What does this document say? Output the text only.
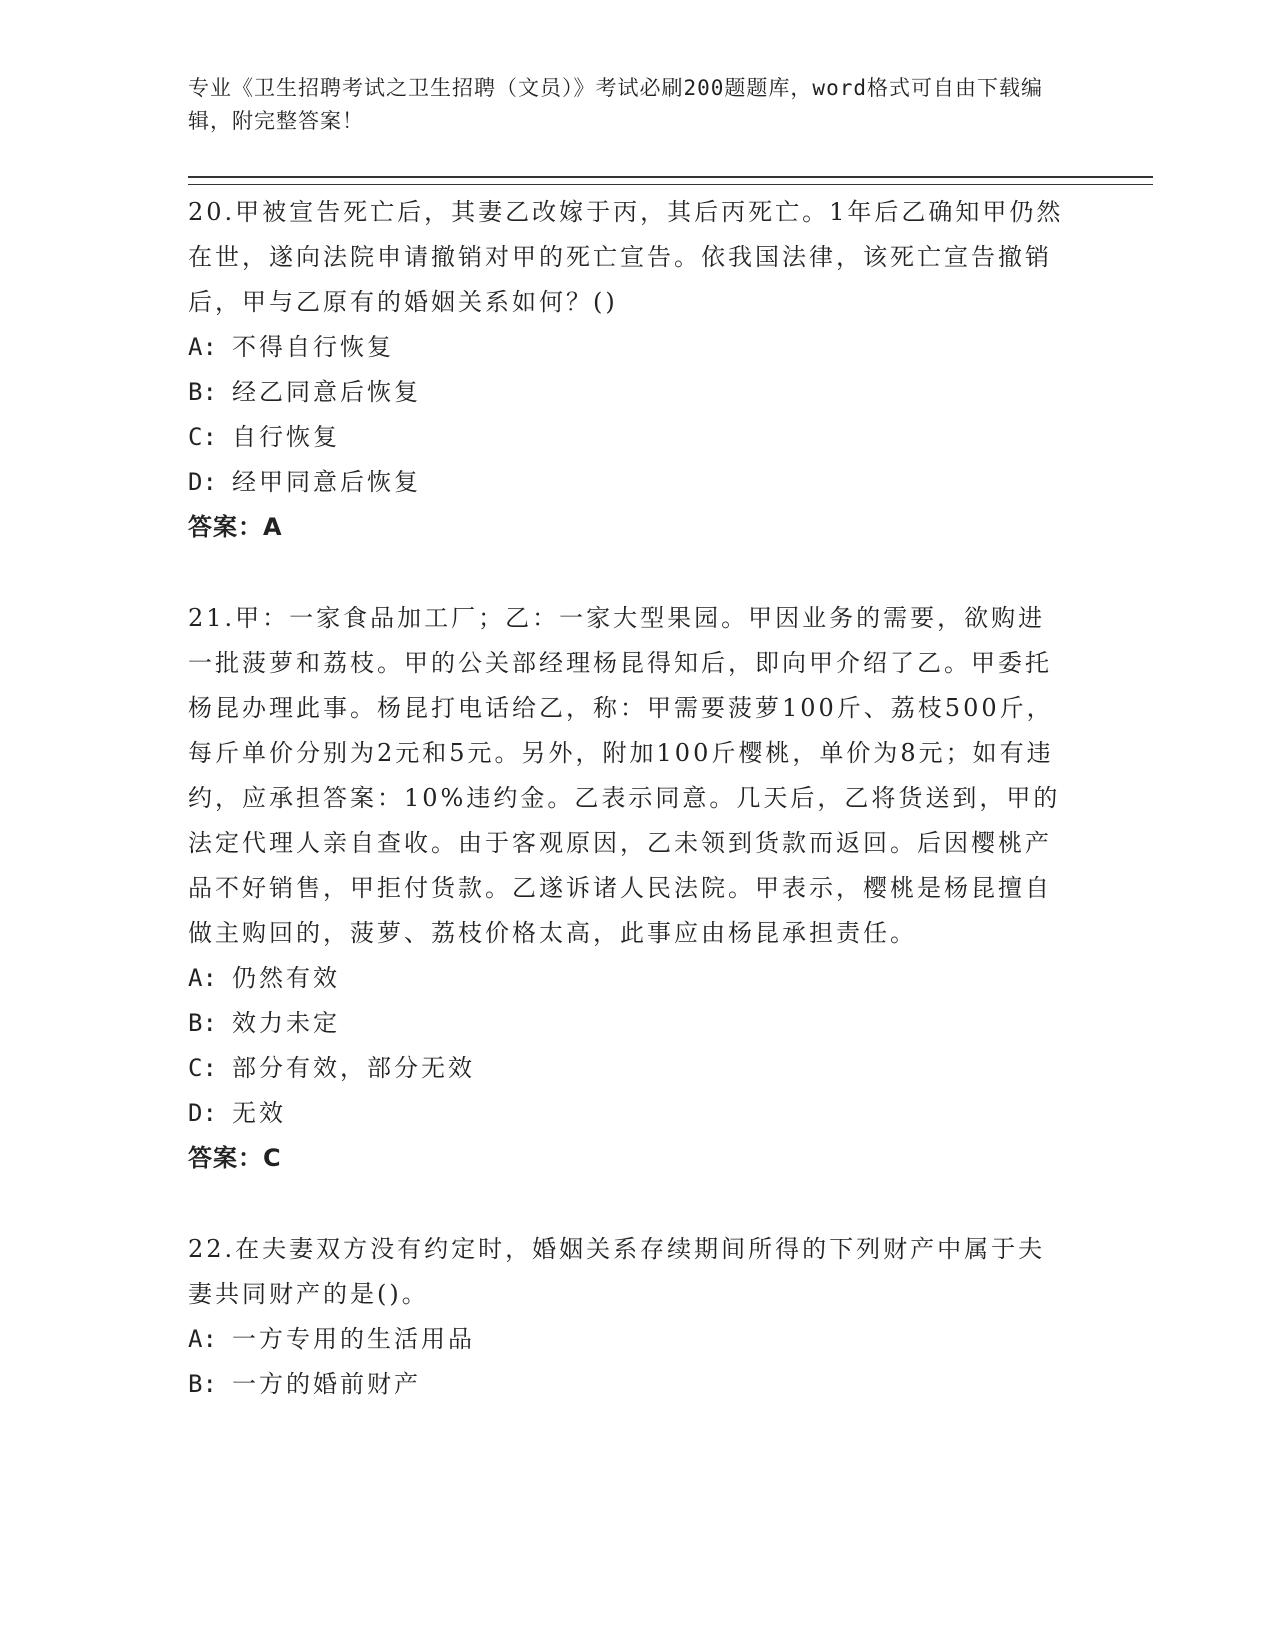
专业《卫生招聘考试之卫生招聘（文员）》考试必刷200题题库，word格式可自由下载编辑，附完整答案！

20.甲被宣告死亡后，其妻乙改嫁于丙，其后丙死亡。1年后乙确知甲仍然在世，遂向法院申请撤销对甲的死亡宣告。依我国法律，该死亡宣告撤销后，甲与乙原有的婚姻关系如何？()

A: 不得自行恢复

B: 经乙同意后恢复

C: 自行恢复

D: 经甲同意后恢复

答案：A

21.甲：一家食品加工厂；乙：一家大型果园。甲因业务的需要，欲购进一批菠萝和荔枝。甲的公关部经理杨昆得知后，即向甲介绍了乙。甲委托杨昆办理此事。杨昆打电话给乙，称：甲需要菠萝100斤、荔枝500斤，每斤单价分别为2元和5元。另外，附加100斤樱桃，单价为8元；如有违约，应承担答案：10%违约金。乙表示同意。几天后，乙将货送到，甲的法定代理人亲自查收。由于客观原因，乙未领到货款而返回。后因樱桃产品不好销售，甲拒付货款。乙遂诉诸人民法院。甲表示，樱桃是杨昆擅自做主购回的，菠萝、荔枝价格太高，此事应由杨昆承担责任。

A: 仍然有效

B: 效力未定

C: 部分有效，部分无效

D: 无效

答案：C

22.在夫妻双方没有约定时，婚姻关系存续期间所得的下列财产中属于夫妻共同财产的是()。

A: 一方专用的生活用品

B: 一方的婚前财产
